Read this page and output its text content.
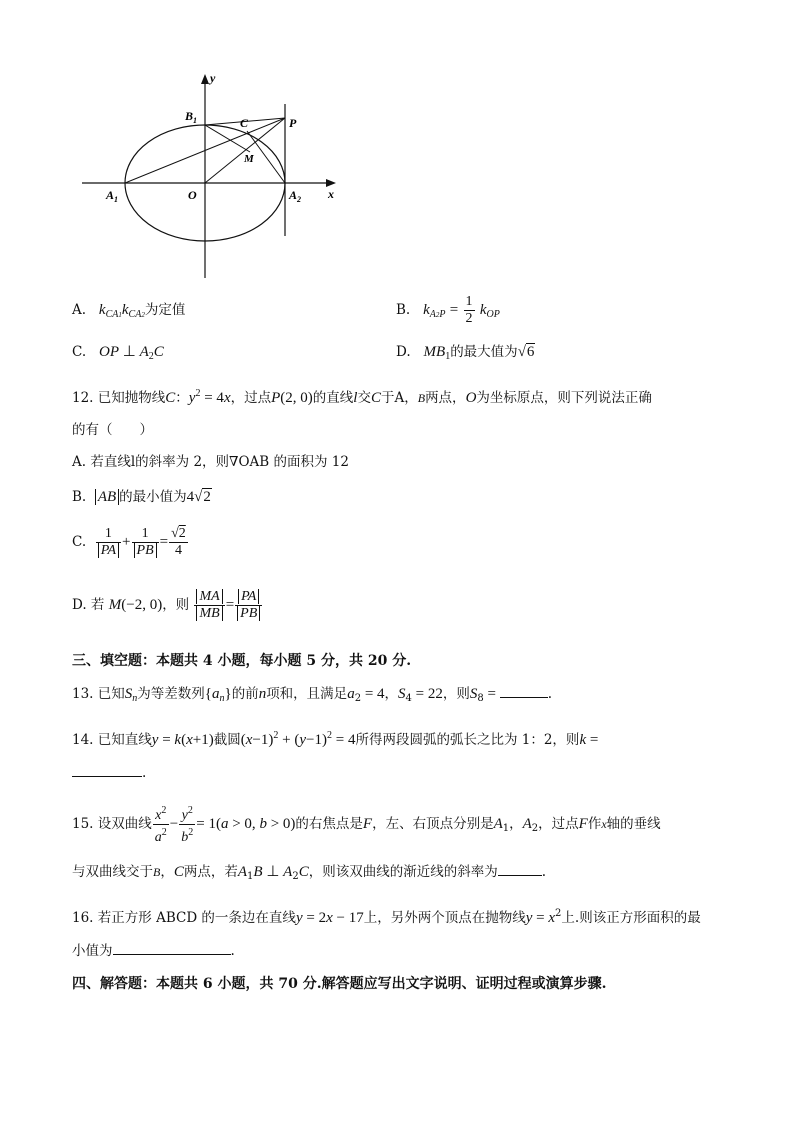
y
x
$B_1$	C	P
M
O
$A_1$	$A_2$
A. $k_{CA1}k_{CA2}$为定值	B. $k_{A2P} = \frac{1}{2} k_{OP}$
C. OP ⊥ $A_2C$	D. $MB_1$的最大值为√6
12. 已知抛物线C：$y^2 = 4x$，过点P(2, 0)的直线l交C于A，B两点，O为坐标原点，则下列说法正确
的有（　　）
A. 若直线l的斜率为 2，则∇OAB 的面积为 12
B. AB 的最小值为4√2
C. $\frac{1}{PA} + \frac{1}{PB} = \frac{√2}{4}$
D. 若 M(−2, 0)，则 $\frac{MA}{MB} = \frac{PA}{PB}$
三、填空题：本题共 4 小题，每小题 5 分，共 20 分.
13. 已知$S_n$为等差数列$\{a_n\}$的前n项和，且满足$a_2 = 4$，$S_4 = 22$，则$S_8$ =	.
14. 已知直线y = k(x+1)截圆$(x-1)^2 + (y-1)^2 = 4$所得两段圆弧的弧长之比为 1：2，则k =
.
15. 设双曲线 $\frac{x^2}{a^2} - \frac{y^2}{b^2} = 1(a > 0$, b > 0)的右焦点是F，左、右顶点分别是$A_1$，$A_2$，过点F作x轴的垂线
与双曲线交于B，C两点，若$A_1B$ ⊥ $A_2C$，则该双曲线的渐近线的斜率为	.
16. 若正方形 ABCD 的一条边在直线y = 2x − 17上，另外两个顶点在抛物线$y = x^2$上.则该正方形面积的最
小值为	.
四、解答题：本题共 6 小题，共 70 分.解答题应写出文字说明、证明过程或演算步骤.
